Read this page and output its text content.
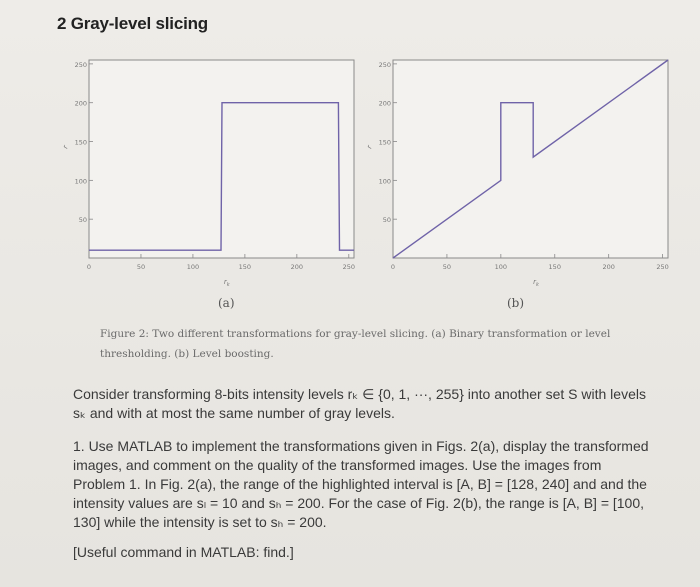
2 Gray-level slicing
250
200
150
100
50
0	50	100	150	200	250
$r_k$
r
250
200
150
100
50
0	50	100	150	200	250
$r_k$
r
(a)	(b)
Figure 2: Two different transformations for gray-level slicing. (a) Binary transformation or level thresholding. (b) Level boosting.
Consider transforming 8-bits intensity levels rₖ ∈ {0, 1, ···, 255} into another set S with levels sₖ and with at most the same number of gray levels.
1. Use MATLAB to implement the transformations given in Figs. 2(a), display the transformed images, and comment on the quality of the transformed images. Use the images from Problem 1. In Fig. 2(a), the range of the highlighted interval is [A, B] = [128, 240] and and the intensity values are sₗ = 10 and sₕ = 200. For the case of Fig. 2(b), the range is [A, B] = [100, 130] while the intensity is set to sₕ = 200.
[Useful command in MATLAB: find.]
